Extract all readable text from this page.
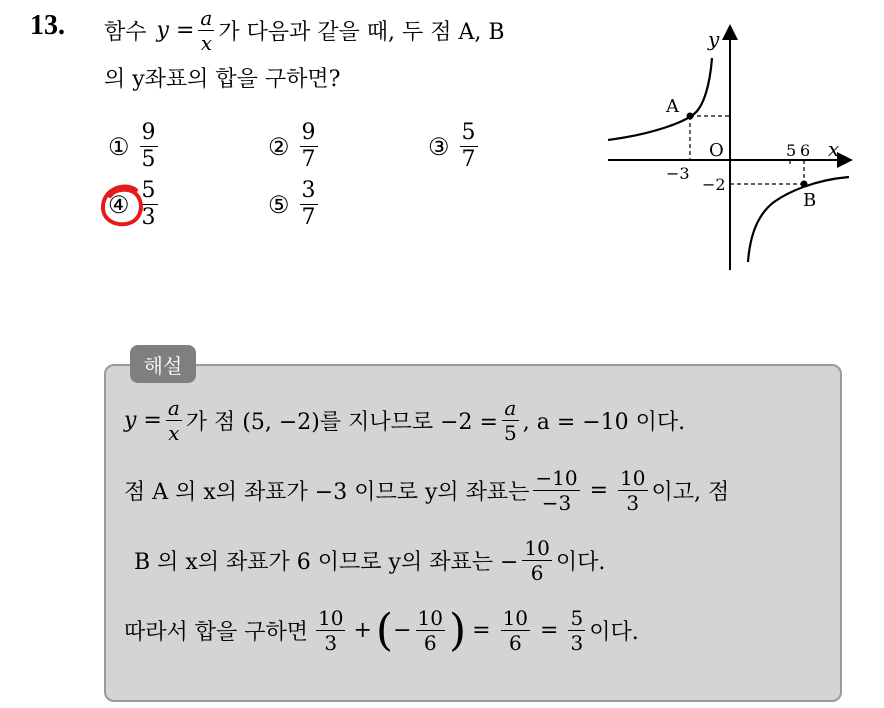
13. 함수 $y = \frac{a}{x}$ 가 다음과 같을 때, 두 점 A, B
의 y좌표의 합을 구하면?
① $\frac{9}{5}$	② $\frac{9}{7}$	③ $\frac{5}{7}$
④ $\frac{5}{3}$	⑤ $\frac{3}{7}$
y
x
O
A
B
−3
5 6
−2
해설
$y = \frac{a}{x}$ 가 점 (5, −2)를 지나므로 $-2 = \frac{a}{5}$ , a = −10 이다.
점 A 의 x의 좌표가 −3 이므로 y의 좌표는 $\frac{-10}{-3} = \frac{10}{3}$ 이고, 점
B 의 x의 좌표가 6 이므로 y의 좌표는 − $\frac{10}{6}$ 이다.
따라서 합을 구하면 $\frac{10}{3}$ + ( − $\frac{10}{6}$ ) = $\frac{10}{6} = \frac{5}{3}$ 이다.
